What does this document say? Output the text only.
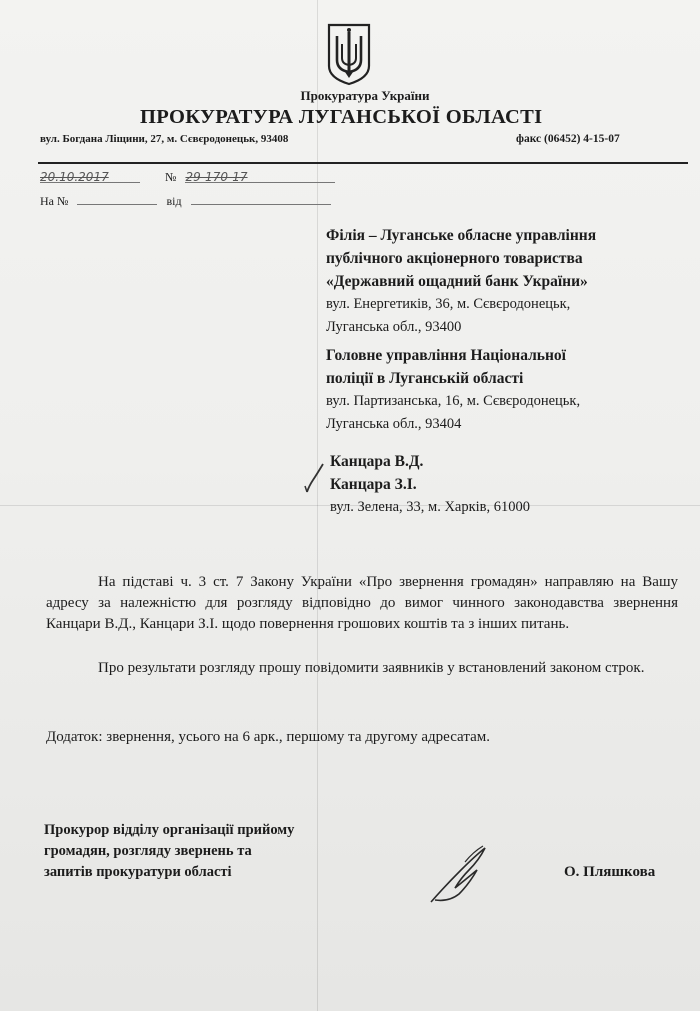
Прокуратура України
ПРОКУРАТУРА ЛУГАНСЬКОЇ ОБЛАСТІ
вул. Богдана Ліщини, 27, м. Сєвєродонецьк, 93408	факс (06452) 4-15-07
20.10.2017	№ 29-170-17
На №	від
Філія – Луганське обласне управління
публічного акціонерного товариства
«Державний ощадний банк України»
вул. Енергетиків, 36, м. Сєвєродонецьк,
Луганська обл., 93400
Головне управління Національної
поліції в Луганській області
вул. Партизанська, 16, м. Сєвєродонецьк,
Луганська обл., 93404
Канцара В.Д.
Канцара З.І.
вул. Зелена, 33, м. Харків, 61000
На підставі ч. 3 ст. 7 Закону України «Про звернення громадян» направляю на Вашу адресу за належністю для розгляду відповідно до вимог чинного законодавства звернення Канцари В.Д., Канцари З.І. щодо повернення грошових коштів та з інших питань.
Про результати розгляду прошу повідомити заявників у встановлений законом строк.
Додаток: звернення, усього на 6 арк., першому та другому адресатам.
Прокурор відділу організації прийому
громадян, розгляду звернень та
запитів прокуратури області	О. Пляшкова
